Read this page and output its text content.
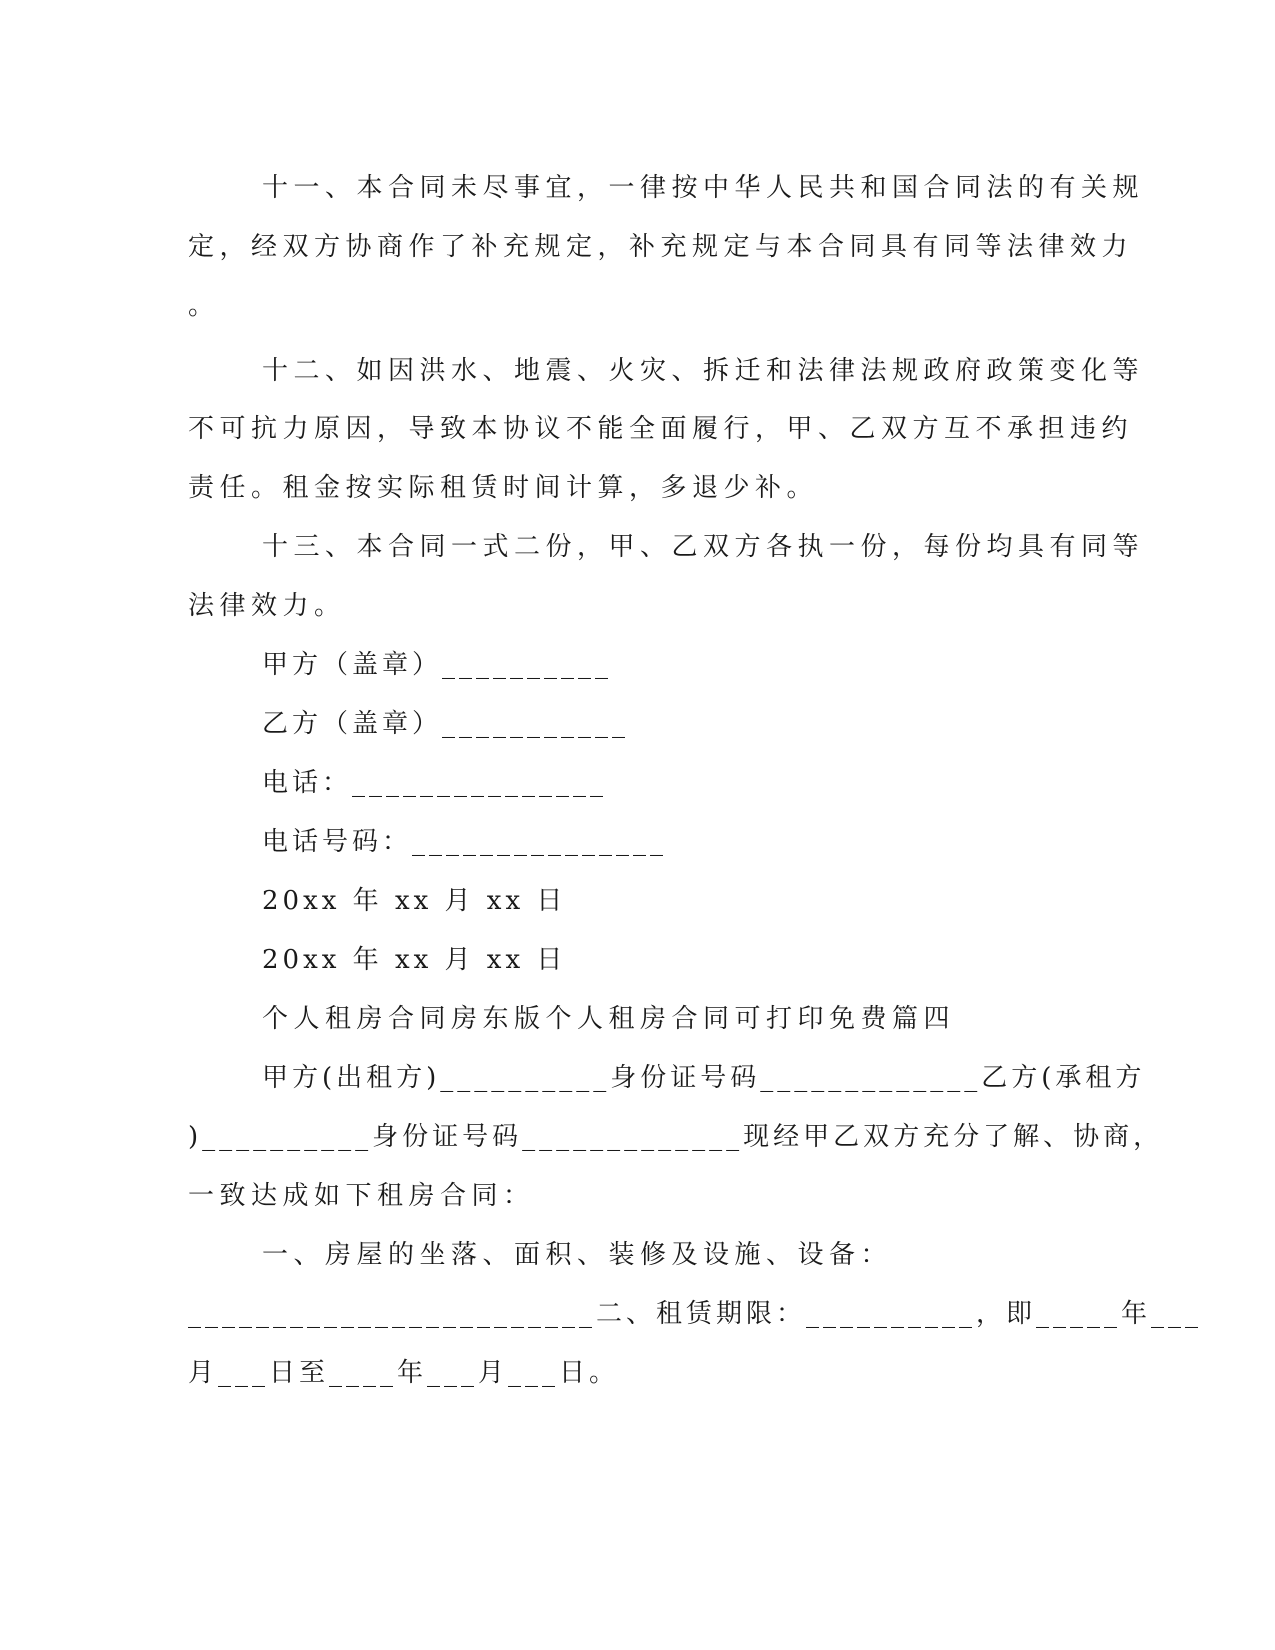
十一、本合同未尽事宜，一律按中华人民共和国合同法的有关规
定，经双方协商作了补充规定，补充规定与本合同具有同等法律效力
。
十二、如因洪水、地震、火灾、拆迁和法律法规政府政策变化等
不可抗力原因，导致本协议不能全面履行，甲、乙双方互不承担违约
责任。租金按实际租赁时间计算，多退少补。
十三、本合同一式二份，甲、乙双方各执一份，每份均具有同等
法律效力。
甲方（盖章）__________
乙方（盖章）___________
电话：_______________
电话号码：_______________
20xx 年 xx 月 xx 日
20xx 年 xx 月 xx 日
个人租房合同房东版个人租房合同可打印免费篇四
甲方(出租方)__________身份证号码_____________乙方(承租方
)__________身份证号码_____________现经甲乙双方充分了解、协商，
一致达成如下租房合同：
一、房屋的坐落、面积、装修及设施、设备：
________________________二、租赁期限：__________，即_____年___
月___日至____年___月___日。
